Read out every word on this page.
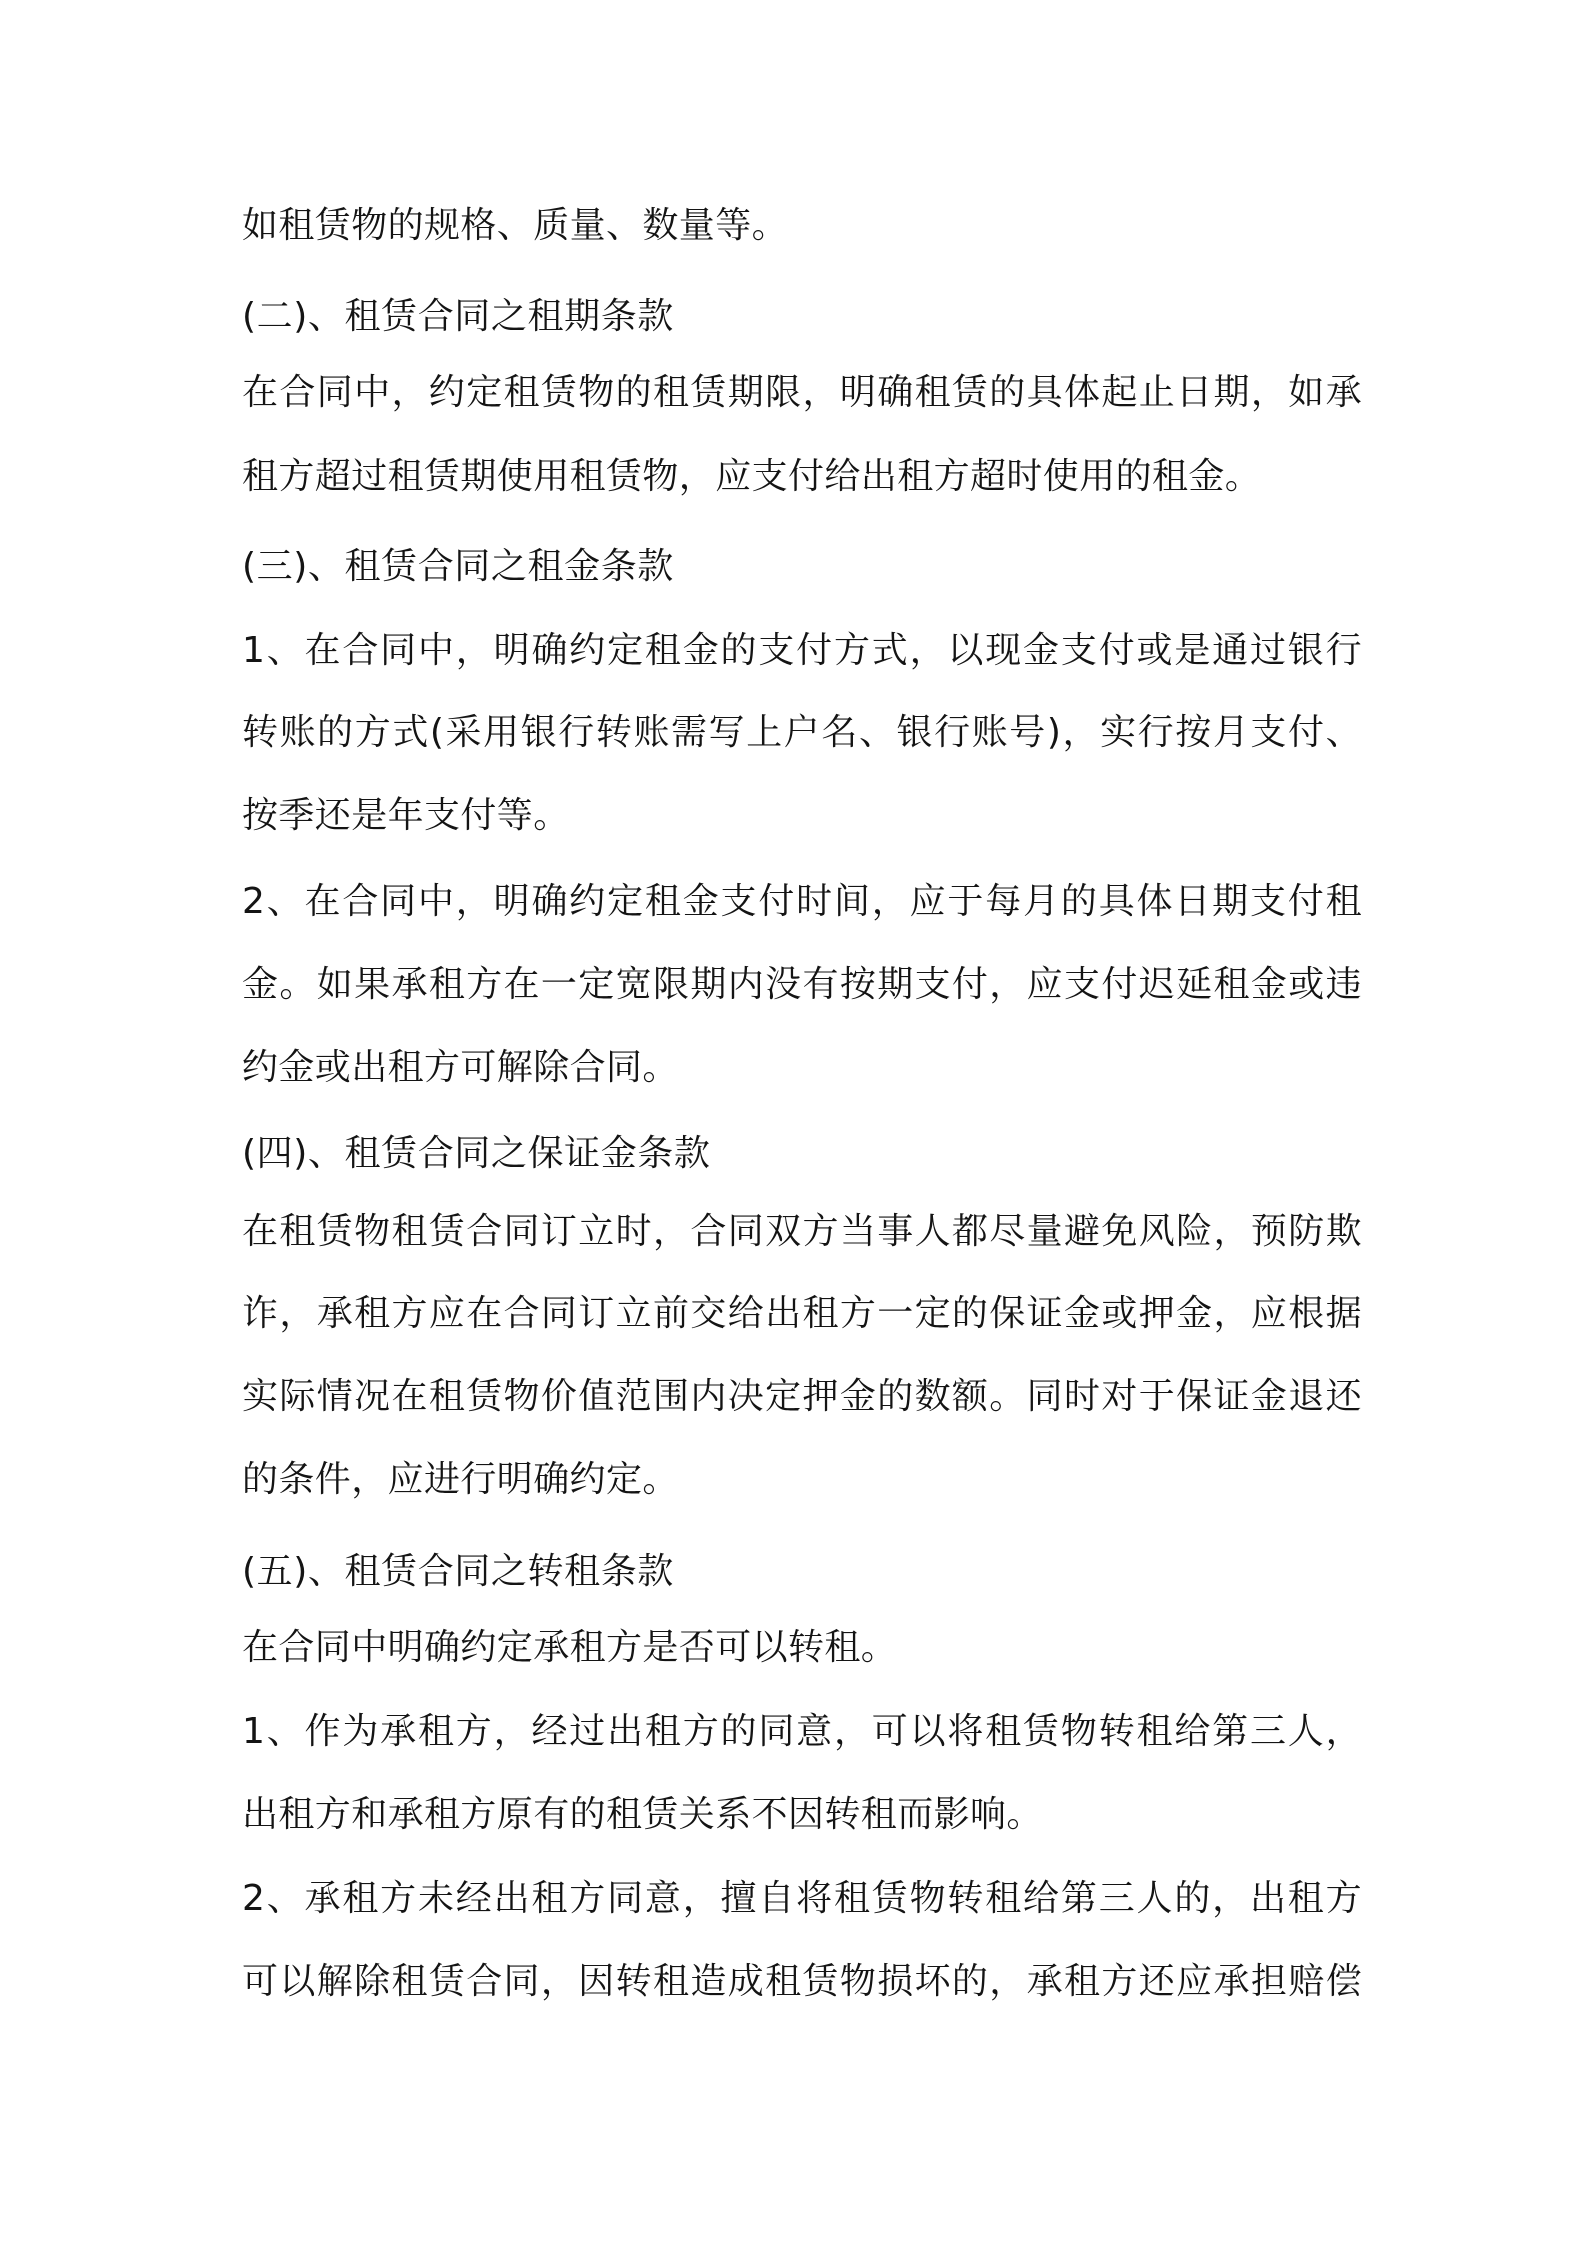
如租赁物的规格、质量、数量等。
(二)、租赁合同之租期条款
在合同中，约定租赁物的租赁期限，明确租赁的具体起止日期，如承
租方超过租赁期使用租赁物，应支付给出租方超时使用的租金。
(三)、租赁合同之租金条款
1、在合同中，明确约定租金的支付方式，以现金支付或是通过银行
转账的方式(采用银行转账需写上户名、银行账号)，实行按月支付、
按季还是年支付等。
2、在合同中，明确约定租金支付时间，应于每月的具体日期支付租
金。如果承租方在一定宽限期内没有按期支付，应支付迟延租金或违
约金或出租方可解除合同。
(四)、租赁合同之保证金条款
在租赁物租赁合同订立时，合同双方当事人都尽量避免风险，预防欺
诈，承租方应在合同订立前交给出租方一定的保证金或押金，应根据
实际情况在租赁物价值范围内决定押金的数额。同时对于保证金退还
的条件，应进行明确约定。
(五)、租赁合同之转租条款
在合同中明确约定承租方是否可以转租。
1、作为承租方，经过出租方的同意，可以将租赁物转租给第三人，
出租方和承租方原有的租赁关系不因转租而影响。
2、承租方未经出租方同意，擅自将租赁物转租给第三人的，出租方
可以解除租赁合同，因转租造成租赁物损坏的，承租方还应承担赔偿
